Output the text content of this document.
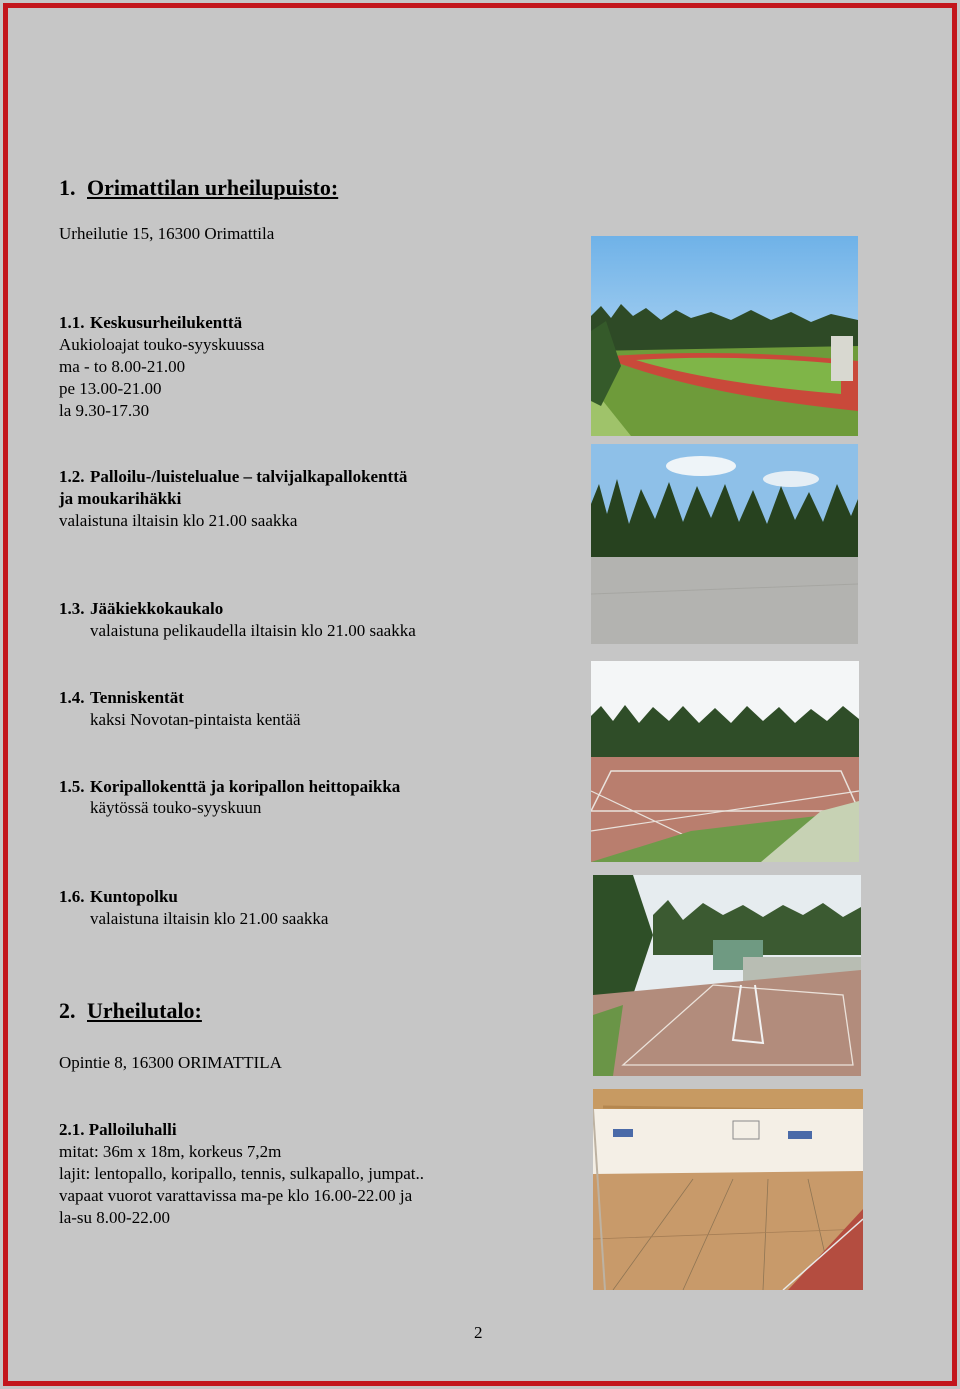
1. Orimattilan urheilupuisto:
Urheilutie 15, 16300 Orimattila
1.1. Keskusurheilukenttä
Aukioloajat touko-syyskuussa
ma - to 8.00-21.00
pe 13.00-21.00
la 9.30-17.30
1.2. Palloilu-/luistelualue – talvijalkapallokenttä
ja moukarihäkki
valaistuna iltaisin klo 21.00 saakka
1.3. Jääkiekkokaukalo
valaistuna pelikaudella iltaisin klo 21.00 saakka
1.4. Tenniskentät
kaksi Novotan-pintaista kentää
1.5. Koripallokenttä ja koripallon heittopaikka
käytössä touko-syyskuun
1.6. Kuntopolku
valaistuna iltaisin klo 21.00 saakka
2. Urheilutalo:
Opintie 8, 16300 ORIMATTILA
2.1. Palloiluhalli
mitat: 36m x 18m, korkeus 7,2m
lajit: lentopallo, koripallo, tennis, sulkapallo, jumpat..
vapaat vuorot varattavissa ma-pe klo 16.00-22.00 ja
la-su 8.00-22.00
2
